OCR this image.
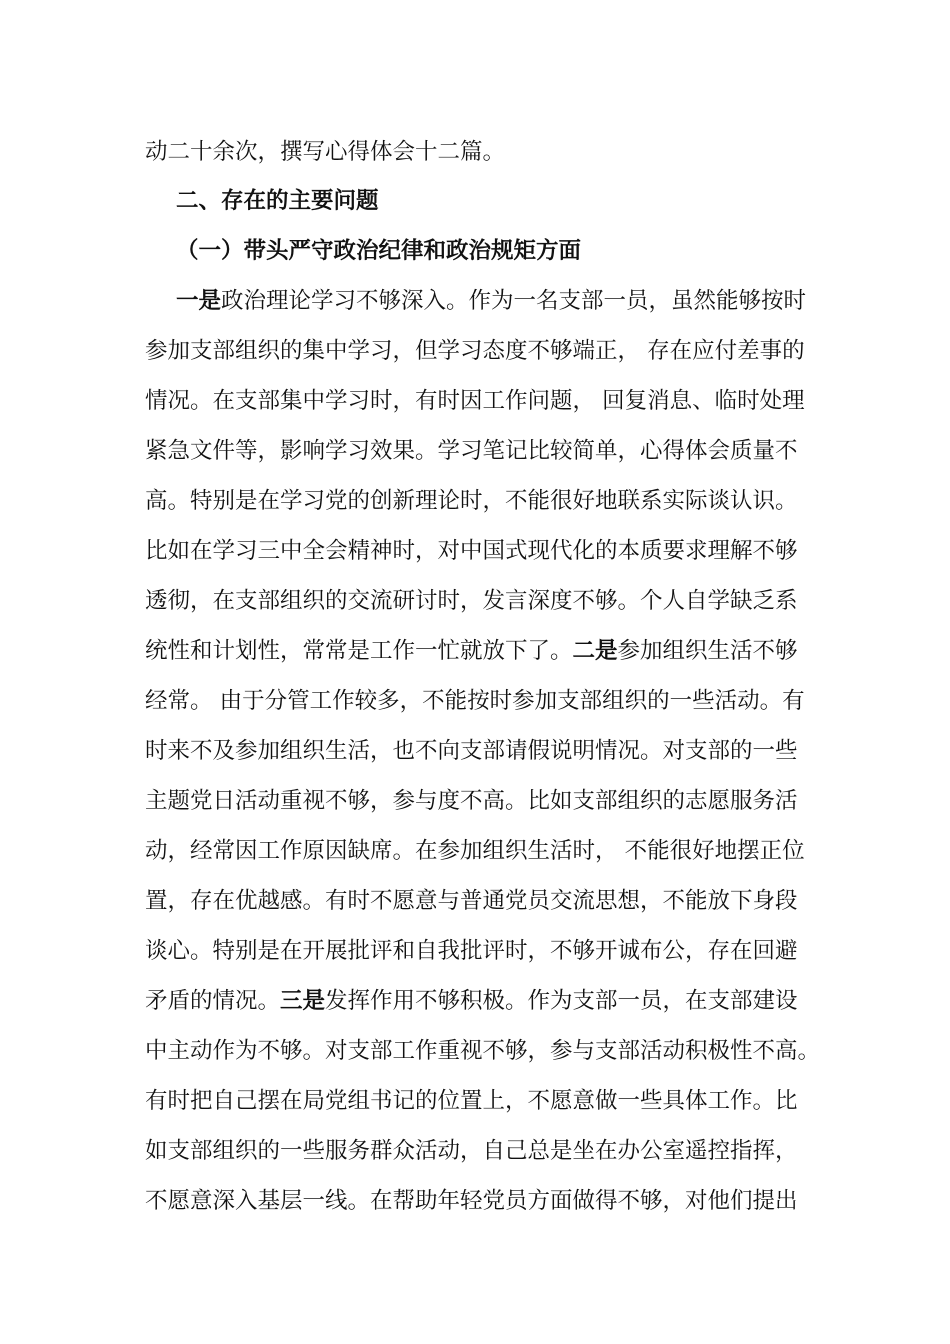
动二十余次，撰写心得体会十二篇。
二、存在的主要问题
（一）带头严守政治纪律和政治规矩方面
一是政治理论学习不够深入。作为一名支部一员，虽然能够按时
参加支部组织的集中学习，但学习态度不够端正， 存在应付差事的
情况。在支部集中学习时，有时因工作问题， 回复消息、临时处理
紧急文件等，影响学习效果。学习笔记比较简单，心得体会质量不
高。特别是在学习党的创新理论时，不能很好地联系实际谈认识。
比如在学习三中全会精神时，对中国式现代化的本质要求理解不够
透彻，在支部组织的交流研讨时，发言深度不够。个人自学缺乏系
统性和计划性，常常是工作一忙就放下了。二是参加组织生活不够
经常。 由于分管工作较多，不能按时参加支部组织的一些活动。有
时来不及参加组织生活，也不向支部请假说明情况。对支部的一些
主题党日活动重视不够，参与度不高。比如支部组织的志愿服务活
动，经常因工作原因缺席。在参加组织生活时， 不能很好地摆正位
置，存在优越感。有时不愿意与普通党员交流思想，不能放下身段
谈心。特别是在开展批评和自我批评时，不够开诚布公，存在回避
矛盾的情况。三是发挥作用不够积极。作为支部一员，在支部建设
中主动作为不够。对支部工作重视不够，参与支部活动积极性不高。
有时把自己摆在局党组书记的位置上，不愿意做一些具体工作。比
如支部组织的一些服务群众活动，自己总是坐在办公室遥控指挥，
不愿意深入基层一线。在帮助年轻党员方面做得不够，对他们提出
